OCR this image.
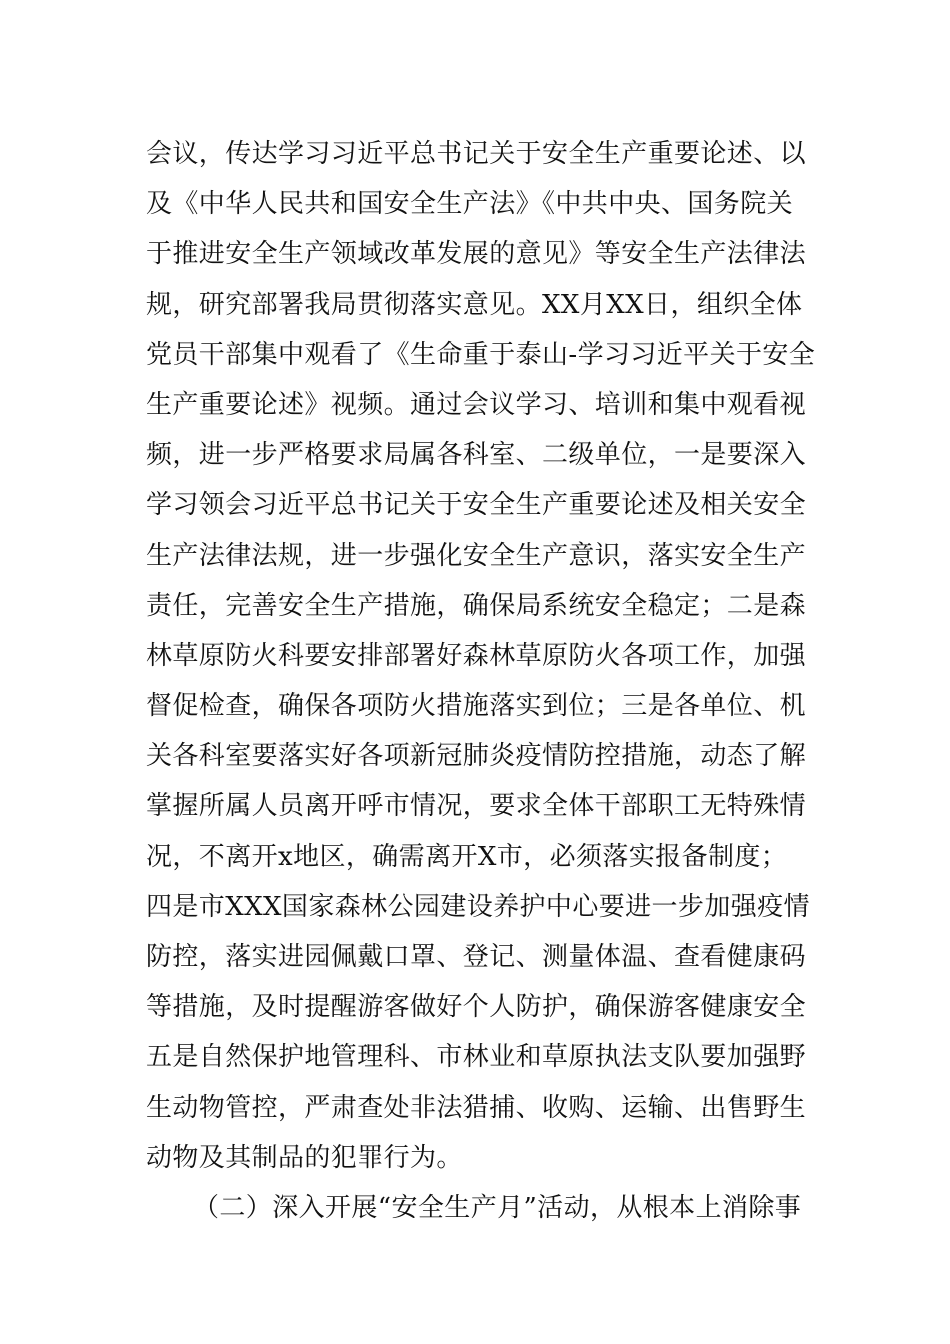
会议，传达学习习近平总书记关于安全生产重要论述、以
及《中华人民共和国安全生产法》《中共中央、国务院关
于推进安全生产领域改革发展的意见》等安全生产法律法
规，研究部署我局贯彻落实意见。XX月XX日，组织全体
党员干部集中观看了《生命重于泰山-学习习近平关于安全
生产重要论述》视频。通过会议学习、培训和集中观看视
频，进一步严格要求局属各科室、二级单位，一是要深入
学习领会习近平总书记关于安全生产重要论述及相关安全
生产法律法规，进一步强化安全生产意识，落实安全生产
责任，完善安全生产措施，确保局系统安全稳定；二是森
林草原防火科要安排部署好森林草原防火各项工作，加强
督促检查，确保各项防火措施落实到位；三是各单位、机
关各科室要落实好各项新冠肺炎疫情防控措施，动态了解
掌握所属人员离开呼市情况，要求全体干部职工无特殊情
况，不离开x地区，确需离开X市，必须落实报备制度；
四是市XXX国家森林公园建设养护中心要进一步加强疫情
防控，落实进园佩戴口罩、登记、测量体温、查看健康码
等措施，及时提醒游客做好个人防护，确保游客健康安全
五是自然保护地管理科、市林业和草原执法支队要加强野
生动物管控，严肃查处非法猎捕、收购、运输、出售野生
动物及其制品的犯罪行为。
（二）深入开展“安全生产月”活动，从根本上消除事
